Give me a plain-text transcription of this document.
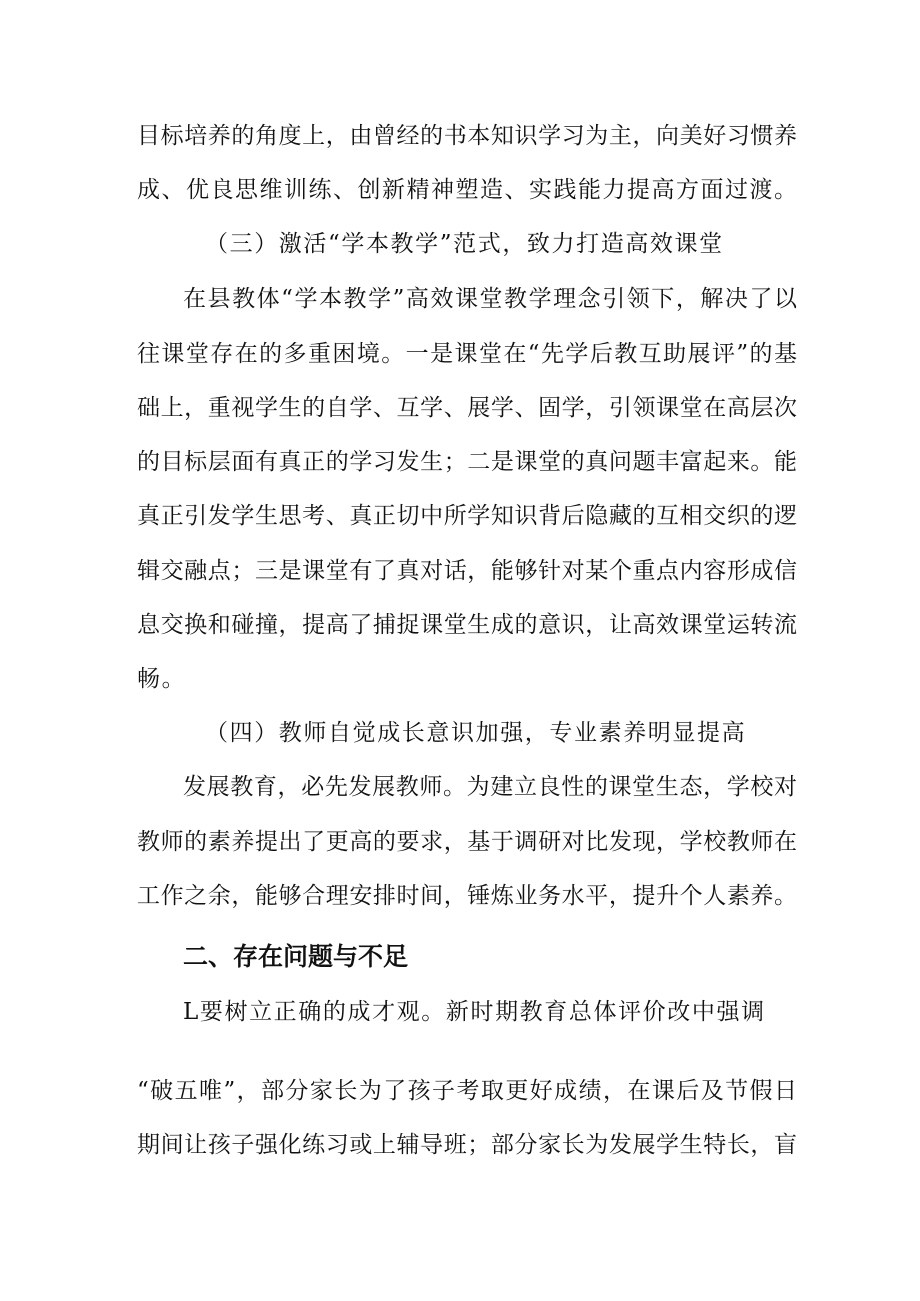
目标培养的角度上，由曾经的书本知识学习为主，向美好习惯养
成、优良思维训练、创新精神塑造、实践能力提高方面过渡。
（三）激活“学本教学”范式，致力打造高效课堂
在县教体“学本教学”高效课堂教学理念引领下，解决了以
往课堂存在的多重困境。一是课堂在“先学后教互助展评”的基
础上，重视学生的自学、互学、展学、固学，引领课堂在高层次
的目标层面有真正的学习发生；二是课堂的真问题丰富起来。能
真正引发学生思考、真正切中所学知识背后隐藏的互相交织的逻
辑交融点；三是课堂有了真对话，能够针对某个重点内容形成信
息交换和碰撞，提高了捕捉课堂生成的意识，让高效课堂运转流
畅。
（四）教师自觉成长意识加强，专业素养明显提高
发展教育，必先发展教师。为建立良性的课堂生态，学校对
教师的素养提出了更高的要求，基于调研对比发现，学校教师在
工作之余，能够合理安排时间，锤炼业务水平，提升个人素养。
二、存在问题与不足
L要树立正确的成才观。新时期教育总体评价改中强调
“破五唯”，部分家长为了孩子考取更好成绩，在课后及节假日
期间让孩子强化练习或上辅导班；部分家长为发展学生特长，盲
